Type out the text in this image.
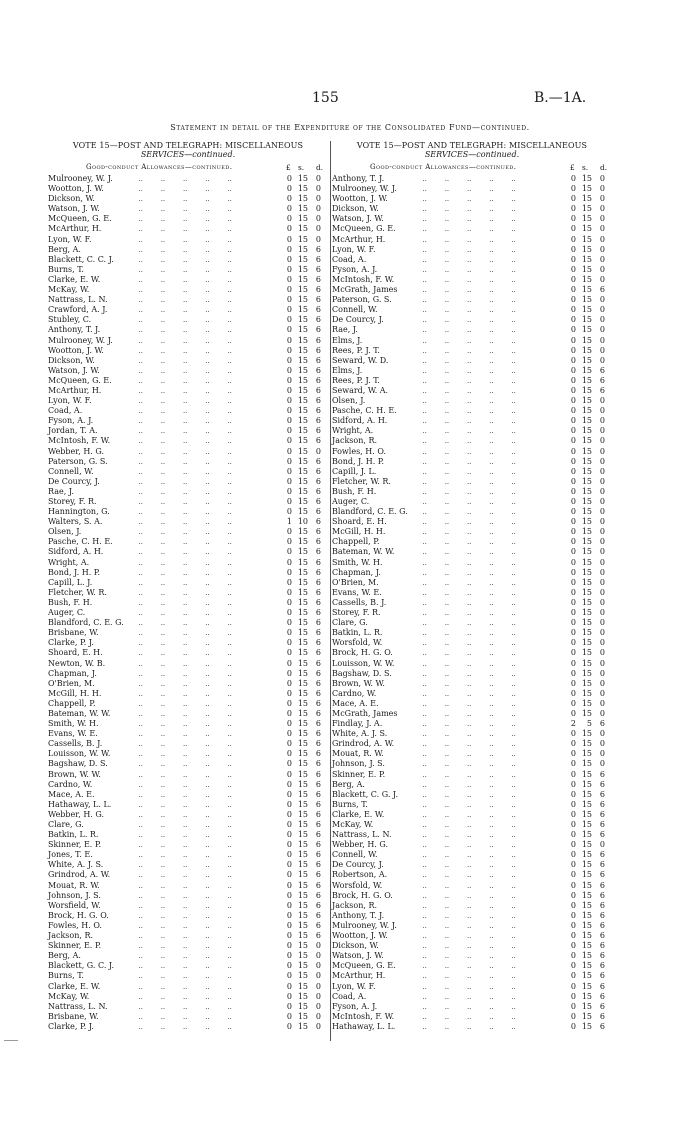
155	B.—1A.
Statement in detail of the Expenditure of the Consolidated Fund—continued.
VOTE 15—POST AND TELEGRAPH: MISCELLANEOUS
SERVICES—continued.
Good-conduct Allowances—continued.	£ s. d.
Mulrooney, W. J.	..        ..        ..        ..        ..	0 15 0
Wootton, J. W.	..        ..        ..        ..        ..	0 15 0
Dickson, W.	..        ..        ..        ..        ..	0 15 0
Watson, J. W.	..        ..        ..        ..        ..	0 15 0
McQueen, G. E.	..        ..        ..        ..        ..	0 15 0
McArthur, H.	..        ..        ..        ..        ..	0 15 0
Lyon, W. F.	..        ..        ..        ..        ..	0 15 0
Berg, A.	..        ..        ..        ..        ..	0 15 6
Blackett, C. C. J.	..        ..        ..        ..        ..	0 15 6
Burns, T.	..        ..        ..        ..        ..	0 15 6
Clarke, E. W.	..        ..        ..        ..        ..	0 15 6
McKay, W.	..        ..        ..        ..        ..	0 15 6
Nattrass, L. N.	..        ..        ..        ..        ..	0 15 6
Crawford, A. J.	..        ..        ..        ..        ..	0 15 6
Stubley, C.	..        ..        ..        ..        ..	0 15 6
Anthony, T. J.	..        ..        ..        ..        ..	0 15 6
Mulrooney, W. J.	..        ..        ..        ..        ..	0 15 6
Wootton, J. W.	..        ..        ..        ..        ..	0 15 6
Dickson, W.	..        ..        ..        ..        ..	0 15 6
Watson, J. W.	..        ..        ..        ..        ..	0 15 6
McQueen, G. E.	..        ..        ..        ..        ..	0 15 6
McArthur, H.	..        ..        ..        ..        ..	0 15 6
Lyon, W. F.	..        ..        ..        ..        ..	0 15 6
Coad, A.	..        ..        ..        ..        ..	0 15 6
Fyson, A. J.	..        ..        ..        ..        ..	0 15 6
Jordan, T. A.	..        ..        ..        ..        ..	0 15 6
McIntosh, F. W.	..        ..        ..        ..        ..	0 15 6
Webber, H. G.	..        ..        ..        ..        ..	0 15 0
Paterson, G. S.	..        ..        ..        ..        ..	0 15 6
Connell, W.	..        ..        ..        ..        ..	0 15 6
De Courcy, J.	..        ..        ..        ..        ..	0 15 6
Rae, J.	..        ..        ..        ..        ..	0 15 6
Storey, F. R.	..        ..        ..        ..        ..	0 15 6
Hannington, G.	..        ..        ..        ..        ..	0 15 6
Walters, S. A.	..        ..        ..        ..        ..	1 10 6
Olsen, J.	..        ..        ..        ..        ..	0 15 6
Pasche, C. H. E.	..        ..        ..        ..        ..	0 15 6
Sidford, A. H.	..        ..        ..        ..        ..	0 15 6
Wright, A.	..        ..        ..        ..        ..	0 15 6
Bond, J. H. P.	..        ..        ..        ..        ..	0 15 6
Capill, L. J.	..        ..        ..        ..        ..	0 15 6
Fletcher, W. R.	..        ..        ..        ..        ..	0 15 6
Bush, F. H.	..        ..        ..        ..        ..	0 15 6
Auger, C.	..        ..        ..        ..        ..	0 15 6
Blandford, C. E. G. ..        ..        ..        ..        ..	0 15 6
Brisbane, W.	..        ..        ..        ..        ..	0 15 6
Clarke, P. J.	..        ..        ..        ..        ..	0 15 6
Shoard, E. H.	..        ..        ..        ..        ..	0 15 6
Newton, W. B.	..        ..        ..        ..        ..	0 15 6
Chapman, J.	..        ..        ..        ..        ..	0 15 6
O'Brien, M.	..        ..        ..        ..        ..	0 15 6
McGill, H. H.	..        ..        ..        ..        ..	0 15 6
Chappell, P.	..        ..        ..        ..        ..	0 15 6
Bateman, W. W.	..        ..        ..        ..        ..	0 15 6
Smith, W. H.	..        ..        ..        ..        ..	0 15 6
Evans, W. E.	..        ..        ..        ..        ..	0 15 6
Cassells, B. J.	..        ..        ..        ..        ..	0 15 6
Louisson, W. W.	..        ..        ..        ..        ..	0 15 6
Bagshaw, D. S.	..        ..        ..        ..        ..	0 15 6
Brown, W. W.	..        ..        ..        ..        ..	0 15 6
Cardno, W.	..        ..        ..        ..        ..	0 15 6
Mace, A. E.	..        ..        ..        ..        ..	0 15 6
Hathaway, L. L.	..        ..        ..        ..        ..	0 15 6
Webber, H. G.	..        ..        ..        ..        ..	0 15 6
Clare, G.	..        ..        ..        ..        ..	0 15 6
Batkin, L. R.	..        ..        ..        ..        ..	0 15 6
Skinner, E. P.	..        ..        ..        ..        ..	0 15 6
Jones, T. E.	..        ..        ..        ..        ..	0 15 6
White, A. J. S.	..        ..        ..        ..        ..	0 15 6
Grindrod, A. W.	..        ..        ..        ..        ..	0 15 6
Mouat, R. W.	..        ..        ..        ..        ..	0 15 6
Johnson, J. S.	..        ..        ..        ..        ..	0 15 6
Worsfield, W.	..        ..        ..        ..        ..	0 15 6
Brock, H. G. O.	..        ..        ..        ..        ..	0 15 6
Fowles, H. O.	..        ..        ..        ..        ..	0 15 6
Jackson, R.	..        ..        ..        ..        ..	0 15 6
Skinner, E. P.	..        ..        ..        ..        ..	0 15 0
Berg, A.	..        ..        ..        ..        ..	0 15 0
Blackett, G. C. J.	..        ..        ..        ..        ..	0 15 0
Burns, T.	..        ..        ..        ..        ..	0 15 0
Clarke, E. W.	..        ..        ..        ..        ..	0 15 0
McKay, W.	..        ..        ..        ..        ..	0 15 0
Nattrass, L. N.	..        ..        ..        ..        ..	0 15 0
Brisbane, W.	..        ..        ..        ..        ..	0 15 0
Clarke, P. J.	..        ..        ..        ..        ..	0 15 0
VOTE 15—POST AND TELEGRAPH: MISCELLANEOUS
SERVICES—continued.
Good-conduct Allowances—continued.	£ s. d.
Anthony, T. J.	..        ..        ..        ..        ..	0 15 0
Mulrooney, W. J.	..        ..        ..        ..        ..	0 15 0
Wootton, J. W.	..        ..        ..        ..        ..	0 15 0
Dickson, W.	..        ..        ..        ..        ..	0 15 0
Watson, J. W.	..        ..        ..        ..        ..	0 15 0
McQueen, G. E.	..        ..        ..        ..        ..	0 15 0
McArthur, H.	..        ..        ..        ..        ..	0 15 0
Lyon, W. F.	..        ..        ..        ..        ..	0 15 0
Coad, A.	..        ..        ..        ..        ..	0 15 0
Fyson, A. J.	..        ..        ..        ..        ..	0 15 0
McIntosh, F. W.	..        ..        ..        ..        ..	0 15 0
McGrath, James	..        ..        ..        ..        ..	0 15 6
Paterson, G. S.	..        ..        ..        ..        ..	0 15 0
Connell, W.	..        ..        ..        ..        ..	0 15 0
De Courcy, J.	..        ..        ..        ..        ..	0 15 0
Rae, J.	..        ..        ..        ..        ..	0 15 0
Elms, J.	..        ..        ..        ..        ..	0 15 0
Rees, P. J. T.	..        ..        ..        ..        ..	0 15 0
Seward, W. D.	..        ..        ..        ..        ..	0 15 0
Elms, J.	..        ..        ..        ..        ..	0 15 6
Rees, P. J. T.	..        ..        ..        ..        ..	0 15 6
Seward, W. A.	..        ..        ..        ..        ..	0 15 6
Olsen, J.	..        ..        ..        ..        ..	0 15 0
Pasche, C. H. E.	..        ..        ..        ..        ..	0 15 0
Sidford, A. H.	..        ..        ..        ..        ..	0 15 0
Wright, A.	..        ..        ..        ..        ..	0 15 0
Jackson, R.	..        ..        ..        ..        ..	0 15 0
Fowles, H. O.	..        ..        ..        ..        ..	0 15 0
Bond, J. H. P.	..        ..        ..        ..        ..	0 15 0
Capill, J. L.	..        ..        ..        ..        ..	0 15 0
Fletcher, W. R.	..        ..        ..        ..        ..	0 15 0
Bush, F. H.	..        ..        ..        ..        ..	0 15 0
Auger, C.	..        ..        ..        ..        ..	0 15 0
Blandford, C. E. G. ..        ..        ..        ..        ..	0 15 0
Shoard, E. H.	..        ..        ..        ..        ..	0 15 0
McGill, H. H.	..        ..        ..        ..        ..	0 15 0
Chappell, P.	..        ..        ..        ..        ..	0 15 0
Bateman, W. W.	..        ..        ..        ..        ..	0 15 0
Smith, W. H.	..        ..        ..        ..        ..	0 15 0
Chapman, J.	..        ..        ..        ..        ..	0 15 0
O'Brien, M.	..        ..        ..        ..        ..	0 15 0
Evans, W. E.	..        ..        ..        ..        ..	0 15 0
Cassells, B. J.	..        ..        ..        ..        ..	0 15 0
Storey, F. R.	..        ..        ..        ..        ..	0 15 0
Clare, G.	..        ..        ..        ..        ..	0 15 0
Batkin, L. R.	..        ..        ..        ..        ..	0 15 0
Worsfold, W.	..        ..        ..        ..        ..	0 15 0
Brock, H. G. O.	..        ..        ..        ..        ..	0 15 0
Louisson, W. W.	..        ..        ..        ..        ..	0 15 0
Bagshaw, D. S.	..        ..        ..        ..        ..	0 15 0
Brown, W. W.	..        ..        ..        ..        ..	0 15 0
Cardno, W.	..        ..        ..        ..        ..	0 15 0
Mace, A. E.	..        ..        ..        ..        ..	0 15 0
McGrath, James	..        ..        ..        ..        ..	0 15 0
Findlay, J. A.	..        ..        ..        ..        ..	2	5 6
White, A. J. S.	..        ..        ..        ..        ..	0 15 0
Grindrod, A. W.	..        ..        ..        ..        ..	0 15 0
Mouat, R. W.	..        ..        ..        ..        ..	0 15 0
Johnson, J. S.	..        ..        ..        ..        ..	0 15 0
Skinner, E. P.	..        ..        ..        ..        ..	0 15 6
Berg, A.	..        ..        ..        ..        ..	0 15 6
Blackett, C. G. J.	..        ..        ..        ..        ..	0 15 6
Burns, T.	..        ..        ..        ..        ..	0 15 6
Clarke, E. W.	..        ..        ..        ..        ..	0 15 6
McKay, W.	..        ..        ..        ..        ..	0 15 6
Nattrass, L. N.	..        ..        ..        ..        ..	0 15 6
Webber, H. G.	..        ..        ..        ..        ..	0 15 0
Connell, W.	..        ..        ..        ..        ..	0 15 6
De Courcy, J.	..        ..        ..        ..        ..	0 15 6
Robertson, A.	..        ..        ..        ..        ..	0 15 6
Worsfold, W.	..        ..        ..        ..        ..	0 15 6
Brock, H. G. O.	..        ..        ..        ..        ..	0 15 6
Jackson, R.	..        ..        ..        ..        ..	0 15 6
Anthony, T. J.	..        ..        ..        ..        ..	0 15 6
Mulrooney, W. J.	..        ..        ..        ..        ..	0 15 6
Wootton, J. W.	..        ..        ..        ..        ..	0 15 6
Dickson, W.	..        ..        ..        ..        ..	0 15 6
Watson, J. W.	..        ..        ..        ..        ..	0 15 6
McQueen, G. E.	..        ..        ..        ..        ..	0 15 6
McArthur, H.	..        ..        ..        ..        ..	0 15 6
Lyon, W. F.	..        ..        ..        ..        ..	0 15 6
Coad, A.	..        ..        ..        ..        ..	0 15 6
Fyson, A. J.	..        ..        ..        ..        ..	0 15 6
McIntosh, F. W.	..        ..        ..        ..        ..	0 15 6
Hathaway, L. L.	..        ..        ..        ..        ..	0 15 6
